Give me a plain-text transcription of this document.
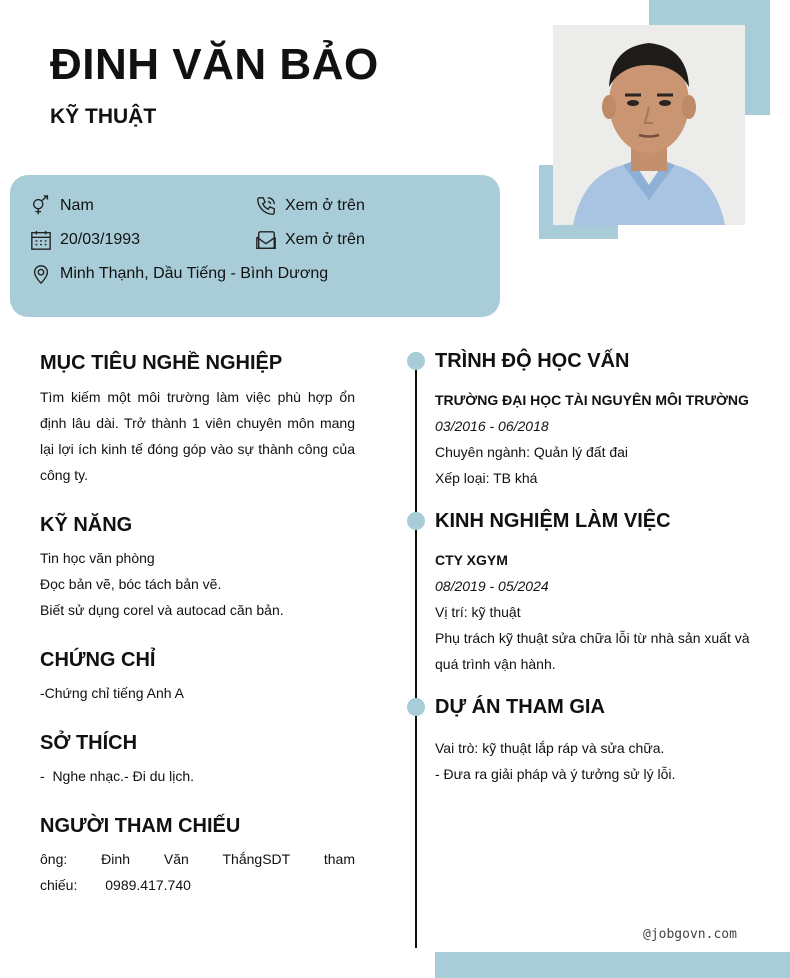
ĐINH VĂN BẢO
KỸ THUẬT
Nam	Xem ở trên
20/03/1993	Xem ở trên
Minh Thạnh, Dầu Tiếng - Bình Dương
MỤC TIÊU NGHỀ NGHIỆP

Tìm kiếm một môi trường làm việc phù hợp ổn định lâu dài. Trở thành 1 viên chuyên môn mang lại lợi ích kinh tế đóng góp vào sự thành công của công ty.

KỸ NĂNG
Tin học văn phòng
Đọc bản vẽ, bóc tách bản vẽ.
Biết sử dụng corel và autocad căn bản.
CHỨNG CHỈ

-Chứng chỉ tiếng Anh A

SỞ THÍCH

-  Nghe nhạc.- Đi du lịch.

NGƯỜI THAM CHIẾU

ông: Đinh Văn ThắngSDT tham chiếu: 0989.417.740

TRÌNH ĐỘ HỌC VẤN
TRƯỜNG ĐẠI HỌC TÀI NGUYÊN MÔI TRƯỜNG
03/2016 - 06/2018
Chuyên ngành: Quản lý đất đai
Xếp loại: TB khá
KINH NGHIỆM LÀM VIỆC
CTY XGYM
08/2019 - 05/2024
Vị trí: kỹ thuật
Phụ trách kỹ thuật sửa chữa lỗi từ nhà sản xuất và quá trình vận hành.
DỰ ÁN THAM GIA
Vai trò: kỹ thuật lắp ráp và sửa chữa.
- Đưa ra giải pháp và ý tưởng sử lý lỗi.
@jobgovn.com
